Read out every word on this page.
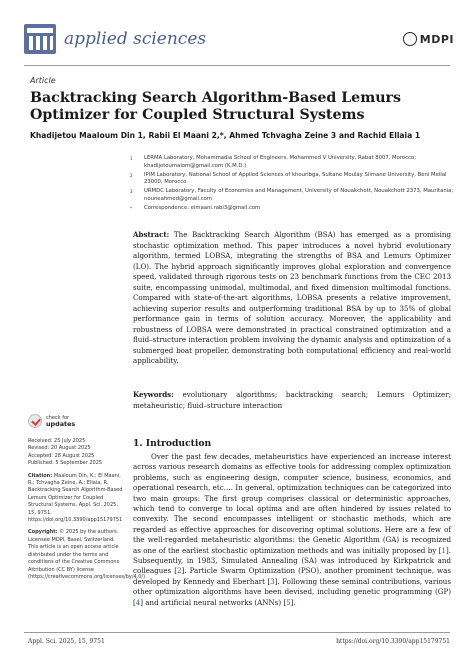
applied sciences	MDPI
Article
Backtracking Search Algorithm-Based Lemurs Optimizer for Coupled Structural Systems
Khadijetou Maaloum Din 1, Rabii El Maani 2,*, Ahmed Tchvagha Zeine 3 and Rachid Ellaia 1
1	LERMA Laboratory, Mohammadia School of Engineers, Mohammed V University, Rabat 8007, Morocco; khadijetoumalom@gmail.com (K.M.D.)
2	IPIM Laboratory, National School of Applied Sciences of khouribga, Sultane Moulay Slimane University, Beni Mellal 23000, Morocco
3	URMDC Laboratory, Faculty of Economics and Management, University of Nouakchott, Nouakchott 2373, Mauritania; nouneahmed@gmail.com
*	Correspondence: elmaani.rabi3@gmail.com
Abstract: The Backtracking Search Algorithm (BSA) has emerged as a promising stochastic optimization method. This paper introduces a novel hybrid evolutionary algorithm, termed LOBSA, integrating the strengths of BSA and Lemurs Optimizer (LO). The hybrid approach significantly improves global exploration and convergence speed, validated through rigorous tests on 23 benchmark functions from the CEC 2013 suite, encompassing unimodal, multimodal, and fixed dimension multimodal functions. Compared with state-of-the-art algorithms, LOBSA presents a relative improvement, achieving superior results and outperforming traditional BSA by up to 35% of global performance gain in terms of solution accuracy. Moreover, the applicability and robustness of LOBSA were demonstrated in practical constrained optimization and a fluid–structure interaction problem involving the dynamic analysis and optimization of a submerged boat propeller, demonstrating both computational efficiency and real-world applicability.
Keywords: evolutionary algorithms; backtracking search; Lemurs Optimizer; metaheuristic; fluid–structure interaction
check for
updates
Received: 25 July 2025
Revised: 20 August 2025
Accepted: 28 August 2025
Published: 5 September 2025
Citation: Maaloum Din, K.; El Maani, R.; Tchvagha Zeine, A.; Ellaia, R. Backtracking Search Algorithm-Based Lemurs Optimizer for Coupled Structural Systems. Appl. Sci. 2025, 15, 9751. https://doi.org/10.3390/app15179751
Copyright: © 2025 by the authors. Licensee MDPI, Basel, Switzerland. This article is an open access article distributed under the terms and conditions of the Creative Commons Attribution (CC BY) license (https://creativecommons.org/licenses/by/4.0/).
1. Introduction
Over the past few decades, metaheuristics have experienced an increase interest across various research domains as effective tools for addressing complex optimization problems, such as engineering design, computer science, business, economics, and operational research, etc…. In general, optimization techniques can be categorized into two main groups: The first group comprises classical or deterministic approaches, which tend to converge to local optima and are often hindered by issues related to convexity. The second encompasses intelligent or stochastic methods, which are regarded as effective approaches for discovering optimal solutions. Here are a few of the well-regarded metaheuristic algorithms: the Genetic Algorithm (GA) is recognized as one of the earliest stochastic optimization methods and was initially proposed by [1]. Subsequently, in 1983, Simulated Annealing (SA) was introduced by Kirkpatrick and colleagues [2]. Particle Swarm Optimization (PSO), another prominent technique, was developed by Kennedy and Eberhart [3]. Following these seminal contributions, various other optimization algorithms have been devised, including genetic programming (GP) [4] and artificial neural networks (ANNs) [5].
Appl. Sci. 2025, 15, 9751	https://doi.org/10.3390/app15179751
